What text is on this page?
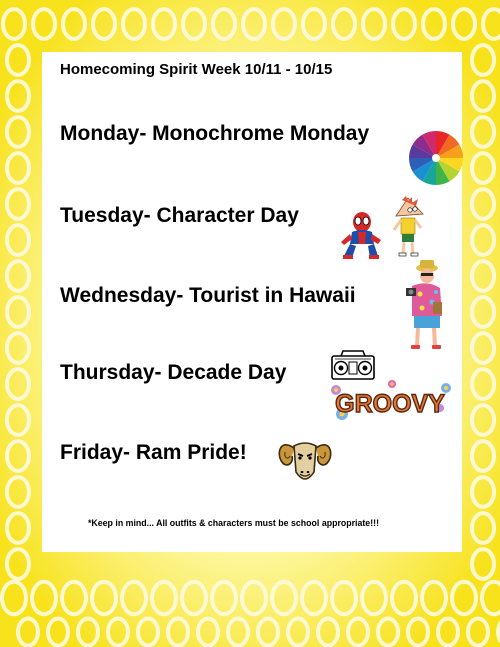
Homecoming Spirit Week 10/11 - 10/15
Monday- Monochrome Monday
Tuesday- Character Day
Wednesday- Tourist in Hawaii
Thursday- Decade Day
Friday- Ram Pride!
GROOVY
*Keep in mind... All outfits & characters must be school appropriate!!!
